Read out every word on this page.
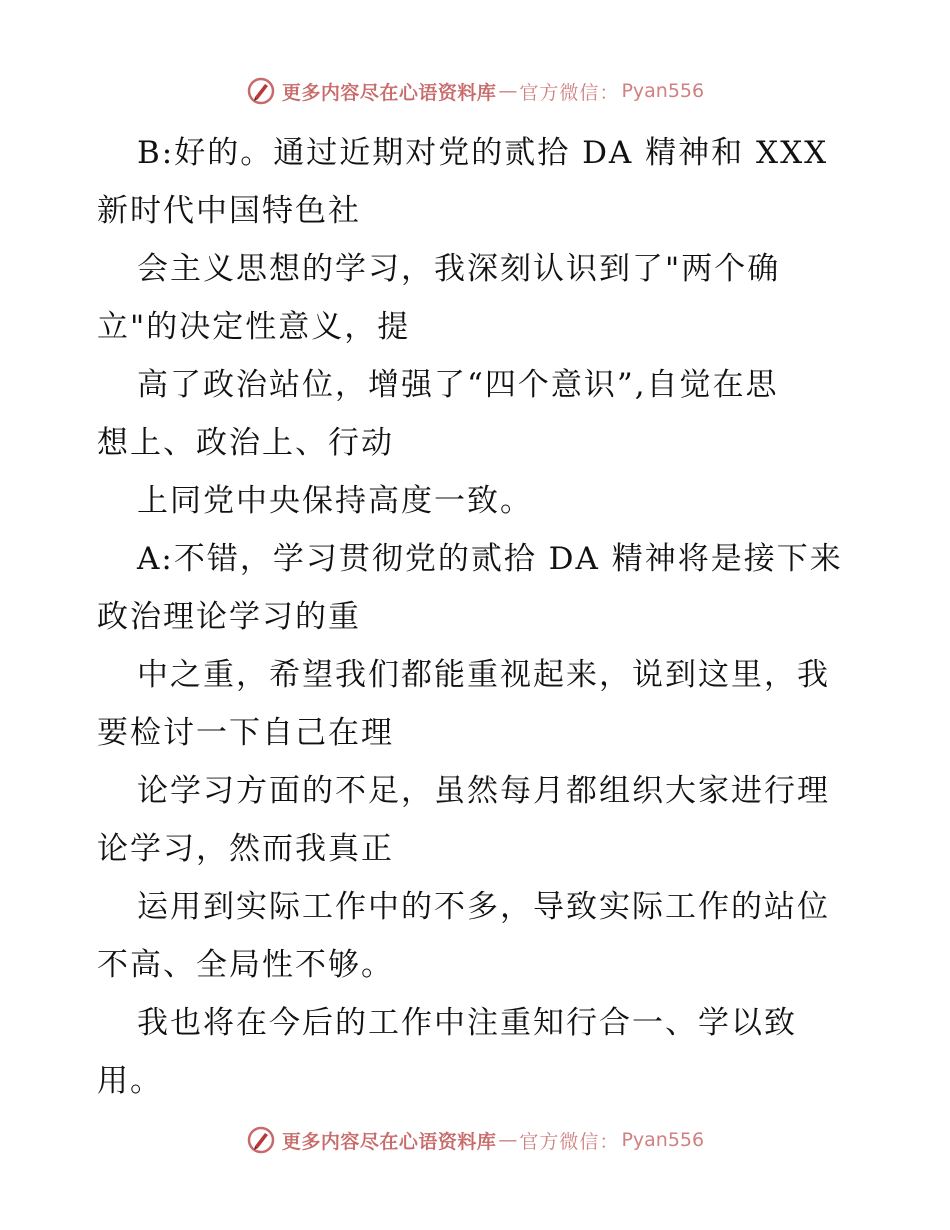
更多内容尽在心语资料库 — 官方微信： Pyan556
B:好的。通过近期对党的贰拾 DA 精神和 XXX
新时代中国特色社
会主义思想的学习，我深刻认识到了"两个确
立"的决定性意义，提
高了政治站位，增强了“四个意识”,自觉在思
想上、政治上、行动
上同党中央保持高度一致。
A:不错，学习贯彻党的贰拾 DA 精神将是接下来
政治理论学习的重
中之重，希望我们都能重视起来，说到这里，我
要检讨一下自己在理
论学习方面的不足，虽然每月都组织大家进行理
论学习，然而我真正
运用到实际工作中的不多，导致实际工作的站位
不高、全局性不够。
我也将在今后的工作中注重知行合一、学以致
用。
更多内容尽在心语资料库 — 官方微信： Pyan556
